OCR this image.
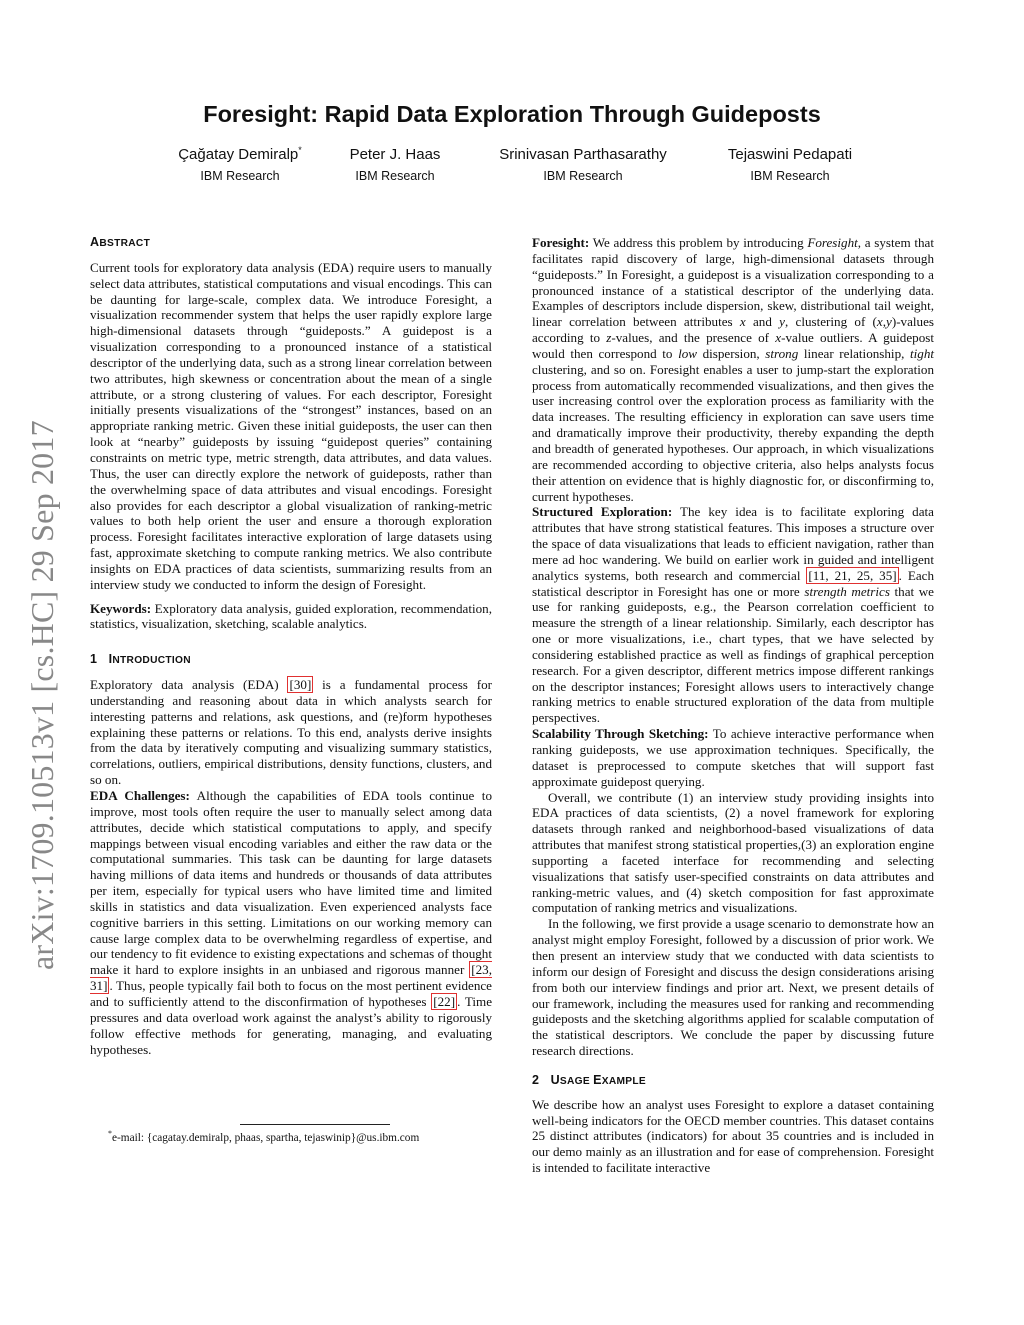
arXiv:1709.10513v1 [cs.HC] 29 Sep 2017
Foresight: Rapid Data Exploration Through Guideposts
Çağatay Demiralp*
IBM Research
Peter J. Haas
IBM Research
Srinivasan Parthasarathy
IBM Research
Tejaswini Pedapati
IBM Research
ABSTRACT

Current tools for exploratory data analysis (EDA) require users to manually select data attributes, statistical computations and visual encodings. This can be daunting for large-scale, complex data. We introduce Foresight, a visualization recommender system that helps the user rapidly explore large high-dimensional datasets through “guideposts.” A guidepost is a visualization corresponding to a pronounced instance of a statistical descriptor of the underlying data, such as a strong linear correlation between two attributes, high skewness or concentration about the mean of a single attribute, or a strong clustering of values. For each descriptor, Foresight initially presents visualizations of the “strongest” instances, based on an appropriate ranking metric. Given these initial guideposts, the user can then look at “nearby” guideposts by issuing “guidepost queries” containing constraints on metric type, metric strength, data attributes, and data values. Thus, the user can directly explore the network of guideposts, rather than the overwhelming space of data attributes and visual encodings. Foresight also provides for each descriptor a global visualization of ranking-metric values to both help orient the user and ensure a thorough exploration process. Foresight facilitates interactive exploration of large datasets using fast, approximate sketching to compute ranking metrics. We also contribute insights on EDA practices of data scientists, summarizing results from an interview study we conducted to inform the design of Foresight.

Keywords: Exploratory data analysis, guided exploration, recommendation, statistics, visualization, sketching, scalable analytics.

1 INTRODUCTION

Exploratory data analysis (EDA) [30] is a fundamental process for understanding and reasoning about data in which analysts search for interesting patterns and relations, ask questions, and (re)form hypotheses explaining these patterns or relations. To this end, analysts derive insights from the data by iteratively computing and visualizing summary statistics, correlations, outliers, empirical distributions, density functions, clusters, and so on.

EDA Challenges: Although the capabilities of EDA tools continue to improve, most tools often require the user to manually select among data attributes, decide which statistical computations to apply, and specify mappings between visual encoding variables and either the raw data or the computational summaries. This task can be daunting for large datasets having millions of data items and hundreds or thousands of data attributes per item, especially for typical users who have limited time and limited skills in statistics and data visualization. Even experienced analysts face cognitive barriers in this setting. Limitations on our working memory can cause large complex data to be overwhelming regardless of expertise, and our tendency to fit evidence to existing expectations and schemas of thought make it hard to explore insights in an unbiased and rigorous manner [23, 31] . Thus, people typically fail both to focus on the most pertinent evidence and to sufficiently attend to the disconfirmation of hypotheses [22] . Time pressures and data overload work against the analyst’s ability to rigorously follow effective methods for generating, managing, and evaluating hypotheses.

*e-mail: {cagatay.demiralp, phaas, spartha, tejaswinip}@us.ibm.com

Foresight: We address this problem by introducing Foresight, a system that facilitates rapid discovery of large, high-dimensional datasets through “guideposts.” In Foresight, a guidepost is a visualization corresponding to a pronounced instance of a statistical descriptor of the underlying data. Examples of descriptors include dispersion, skew, distributional tail weight, linear correlation between attributes x and y, clustering of (x,y)-values according to z-values, and the presence of x-value outliers. A guidepost would then correspond to low dispersion, strong linear relationship, tight clustering, and so on. Foresight enables a user to jump-start the exploration process from automatically recommended visualizations, and then gives the user increasing control over the exploration process as familiarity with the data increases. The resulting efficiency in exploration can save users time and dramatically improve their productivity, thereby expanding the depth and breadth of generated hypotheses. Our approach, in which visualizations are recommended according to objective criteria, also helps analysts focus their attention on evidence that is highly diagnostic for, or disconfirming to, current hypotheses.

Structured Exploration: The key idea is to facilitate exploring data attributes that have strong statistical features. This imposes a structure over the space of data visualizations that leads to efficient navigation, rather than mere ad hoc wandering. We build on earlier work in guided and intelligent analytics systems, both research and commercial [11, 21, 25, 35] . Each statistical descriptor in Foresight has one or more strength metrics that we use for ranking guideposts, e.g., the Pearson correlation coefficient to measure the strength of a linear relationship. Similarly, each descriptor has one or more visualizations, i.e., chart types, that we have selected by considering established practice as well as findings of graphical perception research. For a given descriptor, different metrics impose different rankings on the descriptor instances; Foresight allows users to interactively change ranking metrics to enable structured exploration of the data from multiple perspectives.

Scalability Through Sketching: To achieve interactive performance when ranking guideposts, we use approximation techniques. Specifically, the dataset is preprocessed to compute sketches that will support fast approximate guidepost querying.

Overall, we contribute (1) an interview study providing insights into EDA practices of data scientists, (2) a novel framework for exploring datasets through ranked and neighborhood-based visualizations of data attributes that manifest strong statistical properties,(3) an exploration engine supporting a faceted interface for recommending and selecting visualizations that satisfy user-specified constraints on data attributes and ranking-metric values, and (4) sketch composition for fast approximate computation of ranking metrics and visualizations.

In the following, we first provide a usage scenario to demonstrate how an analyst might employ Foresight, followed by a discussion of prior work. We then present an interview study that we conducted with data scientists to inform our design of Foresight and discuss the design considerations arising from both our interview findings and prior art. Next, we present details of our framework, including the measures used for ranking and recommending guideposts and the sketching algorithms applied for scalable computation of the statistical descriptors. We conclude the paper by discussing future research directions.

2 USAGE EXAMPLE

We describe how an analyst uses Foresight to explore a dataset containing well-being indicators for the OECD member countries. This dataset contains 25 distinct attributes (indicators) for about 35 countries and is included in our demo mainly as an illustration and for ease of comprehension. Foresight is intended to facilitate interactive
